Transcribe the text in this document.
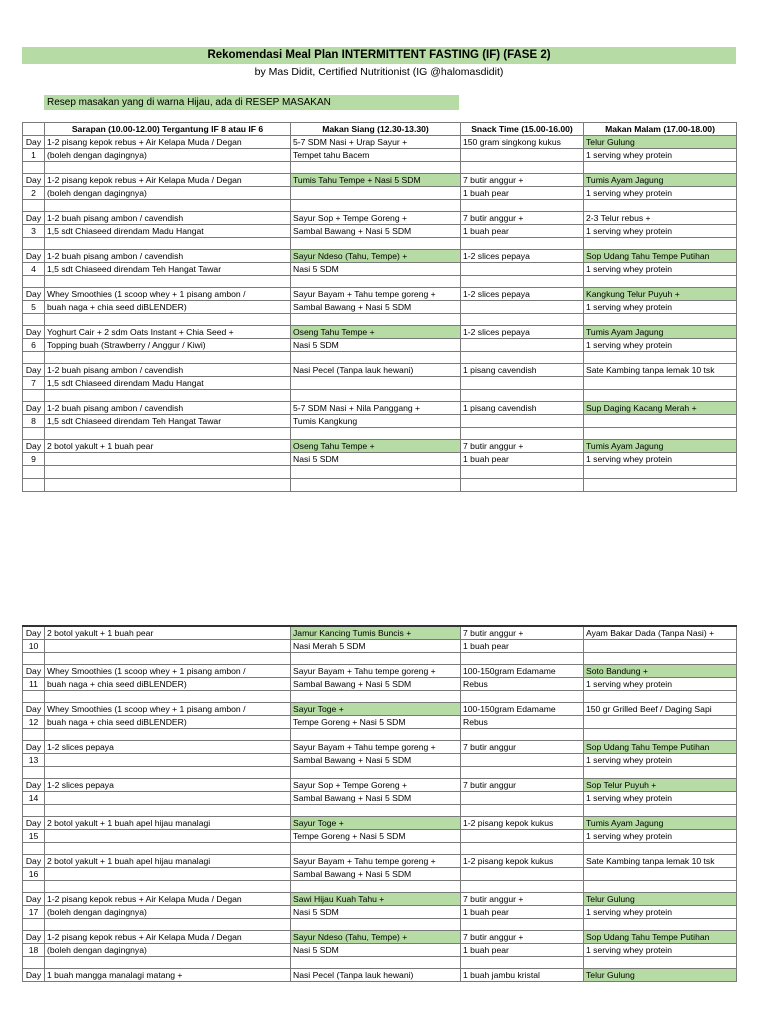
Rekomendasi Meal Plan INTERMITTENT FASTING (IF) (FASE 2)
by Mas Didit, Certified Nutritionist (IG @halomasdidit)
Resep masakan yang di warna Hijau, ada di RESEP MASAKAN
	Sarapan (10.00-12.00) Tergantung IF 8 atau IF 6	Makan Siang (12.30-13.30)	Snack Time (15.00-16.00)	Makan Malam (17.00-18.00)
Day	1-2 pisang kepok rebus + Air Kelapa Muda / Degan	5-7 SDM Nasi + Urap Sayur +	150 gram singkong kukus	Telur Gulung
1	(boleh dengan dagingnya)	Tempet tahu Bacem		1 serving whey protein

Day	1-2 pisang kepok rebus + Air Kelapa Muda / Degan	Tumis Tahu Tempe + Nasi 5 SDM	7 butir anggur +	Tumis Ayam Jagung
2	(boleh dengan dagingnya)		1 buah pear	1 serving whey protein

Day	1-2 buah pisang ambon / cavendish	Sayur Sop + Tempe Goreng +	7 butir anggur +	2-3 Telur rebus +
3	1,5 sdt Chiaseed direndam Madu Hangat	Sambal Bawang + Nasi 5 SDM	1 buah pear	1 serving whey protein

Day	1-2 buah pisang ambon / cavendish	Sayur Ndeso (Tahu, Tempe) +	1-2 slices pepaya	Sop Udang Tahu Tempe Putihan
4	1,5 sdt Chiaseed direndam Teh Hangat Tawar	Nasi 5 SDM		1 serving whey protein

Day	Whey Smoothies (1 scoop whey + 1 pisang ambon /	Sayur Bayam + Tahu tempe goreng +	1-2 slices pepaya	Kangkung Telur Puyuh +
5	buah naga + chia seed diBLENDER)	Sambal Bawang + Nasi 5 SDM		1 serving whey protein

Day	Yoghurt Cair + 2 sdm Oats Instant + Chia Seed +	Oseng Tahu Tempe +	1-2 slices pepaya	Tumis Ayam Jagung
6	Topping buah (Strawberry / Anggur / Kiwi)	Nasi 5 SDM		1 serving whey protein

Day	1-2 buah pisang ambon / cavendish	Nasi Pecel (Tanpa lauk hewani)	1 pisang cavendish	Sate Kambing tanpa lemak 10 tsk
7	1,5 sdt Chiaseed direndam Madu Hangat			

Day	1-2 buah pisang ambon / cavendish	5-7 SDM Nasi + Nila Panggang +	1 pisang cavendish	Sup Daging Kacang Merah +
8	1,5 sdt Chiaseed direndam Teh Hangat Tawar	Tumis Kangkung		

Day	2 botol yakult + 1 buah pear	Oseng Tahu Tempe +	7 butir anggur +	Tumis Ayam Jagung
9		Nasi 5 SDM	1 buah pear	1 serving whey protein

Day	2 botol yakult + 1 buah pear	Jamur Kancing Tumis Buncis +	7 butir anggur +	Ayam Bakar Dada (Tanpa Nasi) +
10		Nasi Merah 5 SDM	1 buah pear	

Day	Whey Smoothies (1 scoop whey + 1 pisang ambon /	Sayur Bayam + Tahu tempe goreng +	100-150gram Edamame	Soto Bandung +
11	buah naga + chia seed diBLENDER)	Sambal Bawang + Nasi 5 SDM	Rebus	1 serving whey protein

Day	Whey Smoothies (1 scoop whey + 1 pisang ambon /	Sayur Toge +	100-150gram Edamame	150 gr Grilled Beef / Daging Sapi
12	buah naga + chia seed diBLENDER)	Tempe Goreng + Nasi 5 SDM	Rebus	

Day	1-2 slices pepaya	Sayur Bayam + Tahu tempe goreng +	7 butir anggur	Sop Udang Tahu Tempe Putihan
13		Sambal Bawang + Nasi 5 SDM		1 serving whey protein

Day	1-2 slices pepaya	Sayur Sop + Tempe Goreng +	7 butir anggur	Sop Telur Puyuh +
14		Sambal Bawang + Nasi 5 SDM		1 serving whey protein

Day	2 botol yakult + 1 buah apel hijau manalagi	Sayur Toge +	1-2 pisang kepok kukus	Tumis Ayam Jagung
15		Tempe Goreng + Nasi 5 SDM		1 serving whey protein

Day	2 botol yakult + 1 buah apel hijau manalagi	Sayur Bayam + Tahu tempe goreng +	1-2 pisang kepok kukus	Sate Kambing tanpa lemak 10 tsk
16		Sambal Bawang + Nasi 5 SDM		

Day	1-2 pisang kepok rebus + Air Kelapa Muda / Degan	Sawi Hijau Kuah Tahu +	7 butir anggur +	Telur Gulung
17	(boleh dengan dagingnya)	Nasi 5 SDM	1 buah pear	1 serving whey protein

Day	1-2 pisang kepok rebus + Air Kelapa Muda / Degan	Sayur Ndeso (Tahu, Tempe) +	7 butir anggur +	Sop Udang Tahu Tempe Putihan
18	(boleh dengan dagingnya)	Nasi 5 SDM	1 buah pear	1 serving whey protein

Day	1 buah mangga manalagi matang +	Nasi Pecel (Tanpa lauk hewani)	1 buah jambu kristal	Telur Gulung
